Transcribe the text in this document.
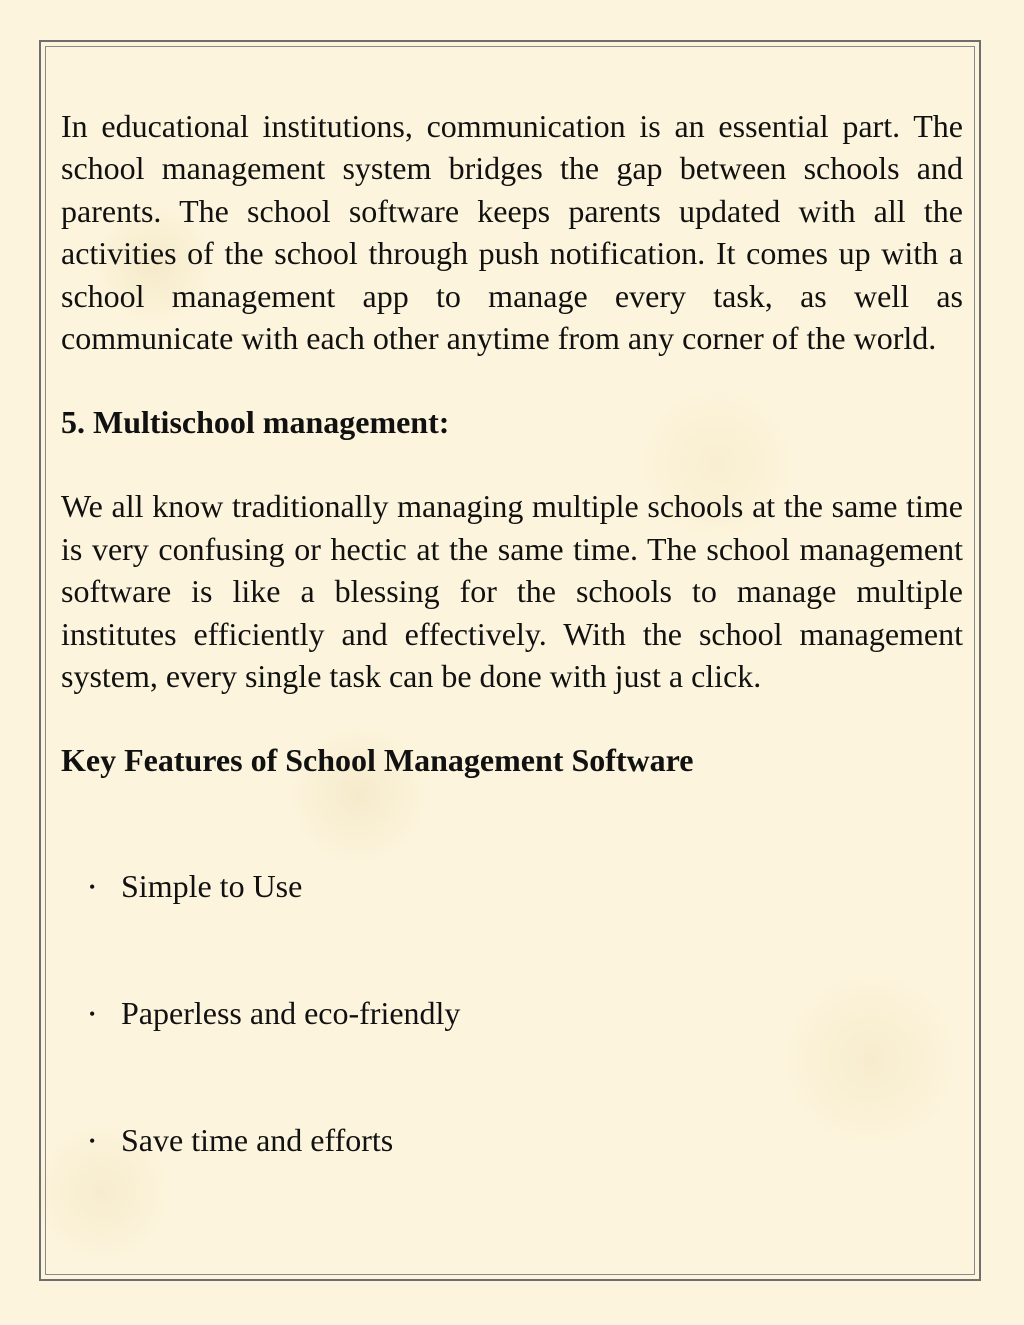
In educational institutions, communication is an essential part. The school management system bridges the gap between schools and parents. The school software keeps parents updated with all the activities of the school through push notification. It comes up with a school management app to manage every task, as well as communicate with each other anytime from any corner of the world.

5. Multischool management:

We all know traditionally managing multiple schools at the same time is very confusing or hectic at the same time. The school management software is like a blessing for the schools to manage multiple institutes efficiently and effectively. With the school management system, every single task can be done with just a click.

Key Features of School Management Software
• Simple to Use
• Paperless and eco-friendly
• Save time and efforts
